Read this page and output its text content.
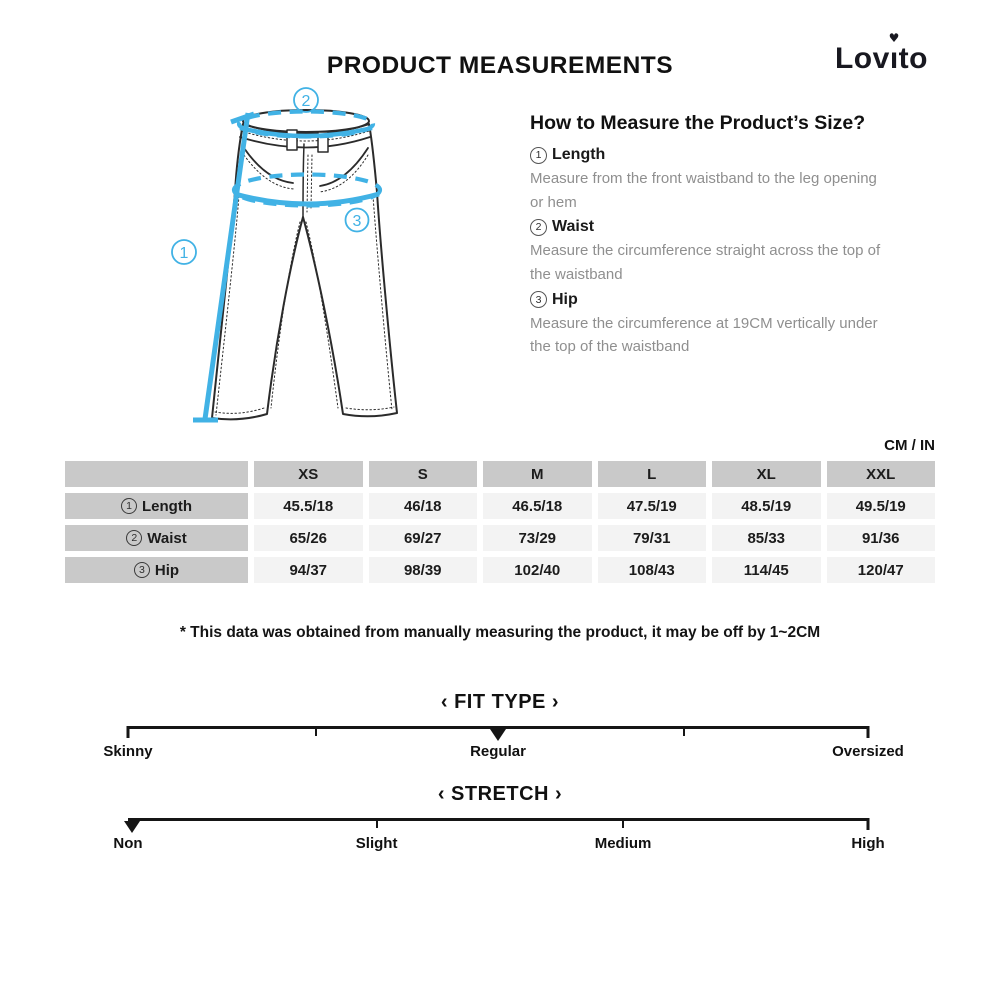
PRODUCT MEASUREMENTS	Lovı
♥
to
1
2
3
How to Measure the Product’s Size?
1 Length
Measure from the front waistband to the leg opening or hem
2 Waist
Measure the circumference straight across the top of the waistband
3 Hip
Measure the circumference at 19CM vertically under the top of the waistband
CM / IN
XS	S	M	L	XL	XXL
1 Length	45.5/18	46/18	46.5/18	47.5/19	48.5/19	49.5/19
2 Waist	65/26	69/27	73/29	79/31	85/33	91/36
3 Hip	94/37	98/39	102/40	108/43	114/45	120/47
* This data was obtained from manually measuring the product, it may be off by 1~2CM
‹ FIT TYPE ›
Skinny	Regular	Oversized
‹ STRETCH ›
Non	Slight	Medium	High
